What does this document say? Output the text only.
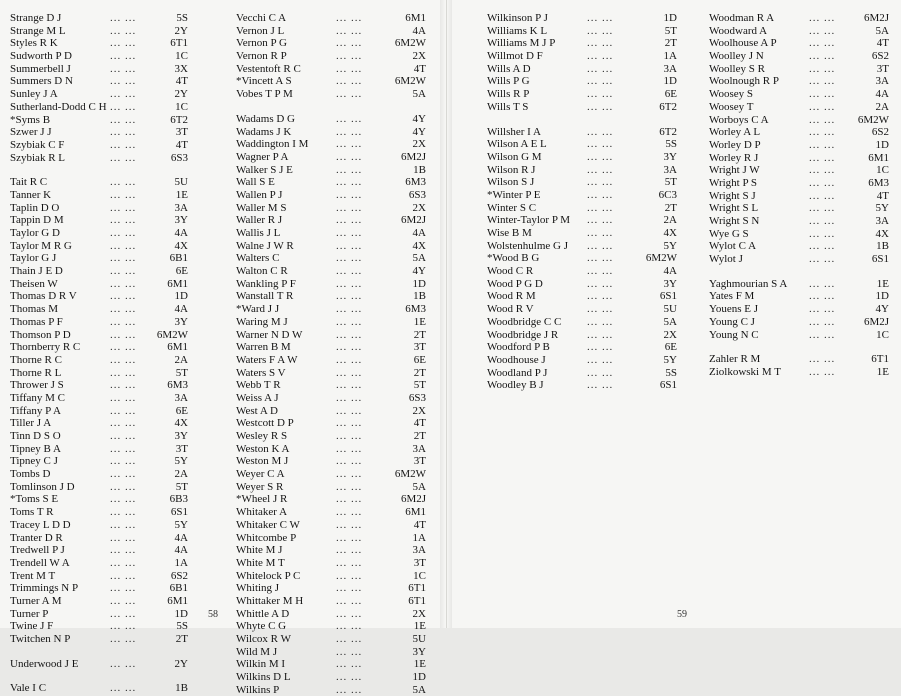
Strange D J	... ...	5S
Strange M L	... ...	2Y
Styles R K	... ...	6T1
Sudworth P D	... ...	1C
Summerbell J	... ...	3X
Summers D N	... ...	4T
Sunley J A	... ...	2Y
Sutherland-Dodd C H ... ...	1C
*Syms B	... ...	6T2
Szwer J J	... ...	3T
Szybiak C F	... ...	4T
Szybiak R L	... ...	6S3
Tait R C	... ...	5U
Tanner K	... ...	1E
Taplin D O	... ...	3A
Tappin D M	... ...	3Y
Taylor G D	... ...	4A
Taylor M R G	... ...	4X
Taylor G J	... ...	6B1
Thain J E D	... ...	6E
Theisen W	... ...	6M1
Thomas D R V	... ...	1D
Thomas M	... ...	4A
Thomas P F	... ...	3Y
Thomson P D	... ... 6M2W
Thornberry R C	... ...	6M1
Thorne R C	... ...	2A
Thorne R L	... ...	5T
Thrower J S	... ...	6M3
Tiffany M C	... ...	3A
Tiffany P A	... ...	6E
Tiller J A	... ...	4X
Tinn D S O	... ...	3Y
Tipney B A	... ...	3T
Tipney C J	... ...	5Y
Tombs D	... ...	2A
Tomlinson J D	... ...	5T
*Toms S E	... ...	6B3
Toms T R	... ...	6S1
Tracey L D D	... ...	5Y
Tranter D R	... ...	4A
Tredwell P J	... ...	4A
Trendell W A	... ...	1A
Trent M T	... ...	6S2
Trimmings N P	... ...	6B1
Turner A M	... ...	6M1
Turner P	... ...	1D
Twine J F	... ...	5S
Twitchen N P	... ...	2T
Underwood J E	... ...	2Y
Vale I C	... ...	1B
Vecchi C A	... ...	6M1
Vernon J L	... ...	4A
Vernon P G	... ...	6M2W
Vernon R P	... ...	2X
Vestentoft R C	... ...	4T
*Vincett A S	... ...	6M2W
Vobes T P M	... ...	5A
Wadams D G	... ...	4Y
Wadams J K	... ...	4Y
Waddington I M	... ...	2X
Wagner P A	... ...	6M2J
Walker S J E	... ...	1B
Wall S E	... ...	6M3
Wallen P J	... ...	6S3
Waller M S	... ...	2X
Waller R J	... ...	6M2J
Wallis J L	... ...	4A
Walne J W R	... ...	4X
Walters C	... ...	5A
Walton C R	... ...	4Y
Wankling P F	... ...	1D
Wanstall T R	... ...	1B
*Ward J J	... ...	6M3
Waring M J	... ...	1E
Warner N D W	... ...	2T
Warren B M	... ...	3T
Waters F A W	... ...	6E
Waters S V	... ...	2T
Webb T R	... ...	5T
Weiss A J	... ...	6S3
West A D	... ...	2X
Westcott D P	... ...	4T
Wesley R S	... ...	2T
Weston K A	... ...	3A
Weston M J	... ...	3T
Weyer C A	... ...	6M2W
Weyer S R	... ...	5A
*Wheel J R	... ...	6M2J
Whitaker A	... ...	6M1
Whitaker C W	... ...	4T
Whitcombe P	... ...	1A
White M J	... ...	3A
White M T	... ...	3T
Whitelock P C	... ...	1C
Whiting J	... ...	6T1
Whittaker M H	... ...	6T1
Whittle A D	... ...	2X
Whyte C G	... ...	1E
Wilcox R W	... ...	5U
Wild M J	... ...	3Y
Wilkin M I	... ...	1E
Wilkins D L	... ...	1D
Wilkins P	... ...	5A
58
Wilkinson P J	... ...	1D
Williams K L	... ...	5T
Williams M J P	... ...	2T
Willmot D F	... ...	1A
Wills A D	... ...	3A
Wills P G	... ...	1D
Wills R P	... ...	6E
Wills T S	... ...	6T2
Willsher I A	... ...	6T2
Wilson A E L	... ...	5S
Wilson G M	... ...	3Y
Wilson R J	... ...	3A
Wilson S J	... ...	5T
*Winter P E	... ...	6C3
Winter S C	... ...	2T
Winter-Taylor P M ... ...	2A
Wise B M	... ...	4X
Wolstenhulme G J ... ...	5Y
*Wood B G	... ...	6M2W
Wood C R	... ...	4A
Wood P G D	... ...	3Y
Wood R M	... ...	6S1
Wood R V	... ...	5U
Woodbridge C C ... ...	5A
Woodbridge J R	... ...	2X
Woodford P B	... ...	6E
Woodhouse J	... ...	5Y
Woodland P J	... ...	5S
Woodley B J	... ...	6S1
Woodman R A	... ...	6M2J
Woodward A	... ...	5A
Woolhouse A P	... ...	4T
Woolley J N	... ...	6S2
Woolley S R	... ...	3T
Woolnough R P	... ...	3A
Woosey S	... ...	4A
Woosey T	... ...	2A
Worboys C A	... ... 6M2W
Worley A L	... ...	6S2
Worley D P	... ...	1D
Worley R J	... ...	6M1
Wright J W	... ...	1C
Wright P S	... ...	6M3
Wright S J	... ...	4T
Wright S L	... ...	5Y
Wright S N	... ...	3A
Wye G S	... ...	4X
Wylot C A	... ...	1B
Wylot J	... ...	6S1
Yaghmourian S A ... ...	1E
Yates F M	... ...	1D
Youens E J	... ...	4Y
Young C J	... ...	6M2J
Young N C	... ...	1C
Zahler R M	... ...	6T1
Ziolkowski M T	... ...	1E
59
